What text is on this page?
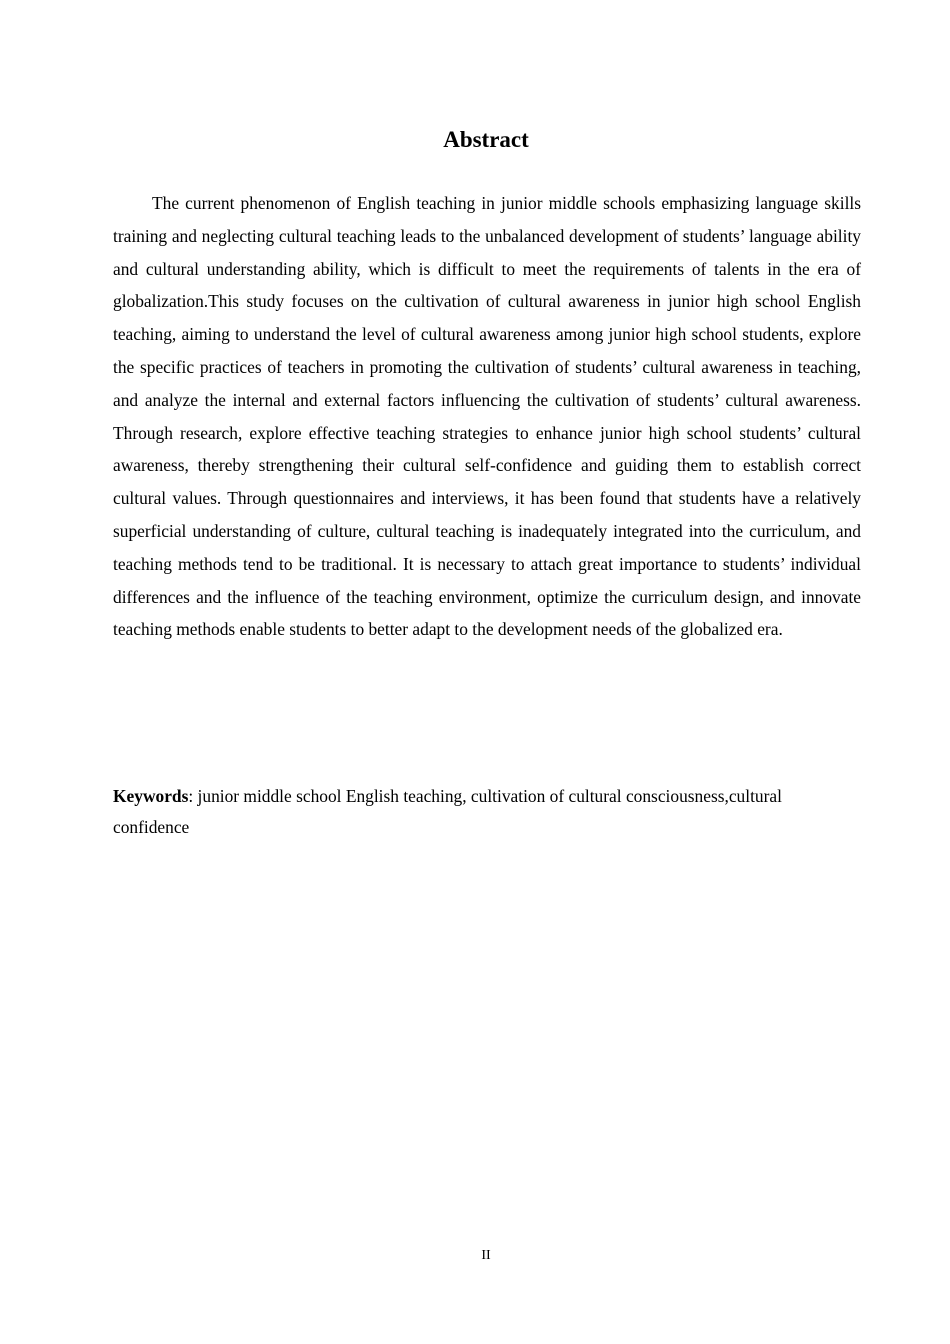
Abstract

The current phenomenon of English teaching in junior middle schools emphasizing language skills training and neglecting cultural teaching leads to the unbalanced development of students’ language ability and cultural understanding ability, which is difficult to meet the requirements of talents in the era of globalization.This study focuses on the cultivation of cultural awareness in junior high school English teaching, aiming to understand the level of cultural awareness among junior high school students, explore the specific practices of teachers in promoting the cultivation of students’ cultural awareness in teaching, and analyze the internal and external factors influencing the cultivation of students’ cultural awareness. Through research, explore effective teaching strategies to enhance junior high school students’ cultural awareness, thereby strengthening their cultural self-confidence and guiding them to establish correct cultural values. Through questionnaires and interviews, it has been found that students have a relatively superficial understanding of culture, cultural teaching is inadequately integrated into the curriculum, and teaching methods tend to be traditional. It is necessary to attach great importance to students’ individual differences and the influence of the teaching environment, optimize the curriculum design, and innovate teaching methods enable students to better adapt to the development needs of the globalized era.

Keywords: junior middle school English teaching, cultivation of cultural consciousness,cultural confidence

II
